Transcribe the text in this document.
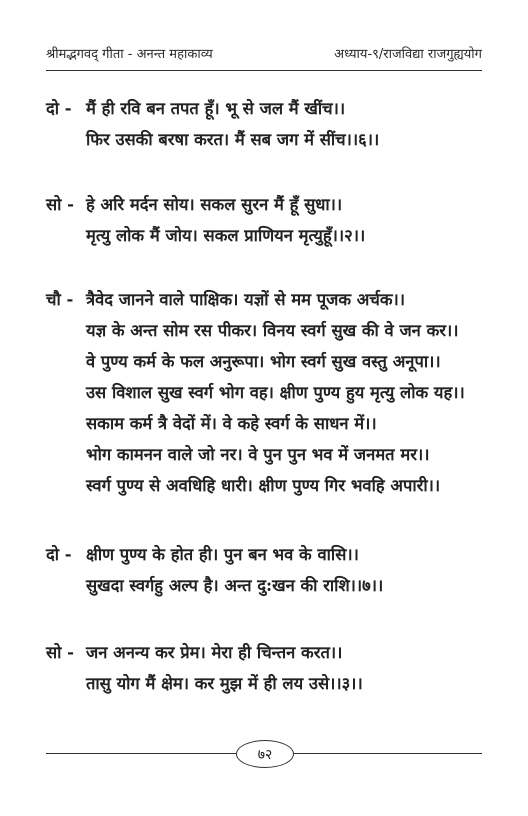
श्रीमद्भगवद् गीता - अनन्त महाकाव्य	अध्याय-९/राजविद्या राजगुह्ययोग
दो - मैं ही रवि बन तपत हूँ। भू से जल मैं खींच।।
फिर उसकी बरषा करत। मैं सब जग में सींच।।६।।
सो - हे अरि मर्दन सोय। सकल सुरन मैं हूँ सुधा।।
मृत्यु लोक मैं जोय। सकल प्राणियन मृत्युहूँ।।२।।
चौ - त्रैवेद जानने वाले पाक्षिक। यज्ञों से मम पूजक अर्चक।।
यज्ञ के अन्त सोम रस पीकर। विनय स्वर्ग सुख की वे जन कर।।
वे पुण्य कर्म के फल अनुरूपा। भोग स्वर्ग सुख वस्तु अनूपा।।
उस विशाल सुख स्वर्ग भोग वह। क्षीण पुण्य हुय मृत्यु लोक यह।।
सकाम कर्म त्रै वेदों में। वे कहे स्वर्ग के साधन में।।
भोग कामनन वाले जो नर। वे पुन पुन भव में जनमत मर।।
स्वर्ग पुण्य से अवधिहि धारी। क्षीण पुण्य गिर भवहि अपारी।।
दो - क्षीण पुण्य के होत ही। पुन बन भव के वासि।।
सुखदा स्वर्गहु अल्प है। अन्त दु:खन की राशि।।७।।
सो - जन अनन्य कर प्रेम। मेरा ही चिन्तन करत।।
तासु योग मैं क्षेम। कर मुझ में ही लय उसे।।३।।
७२
